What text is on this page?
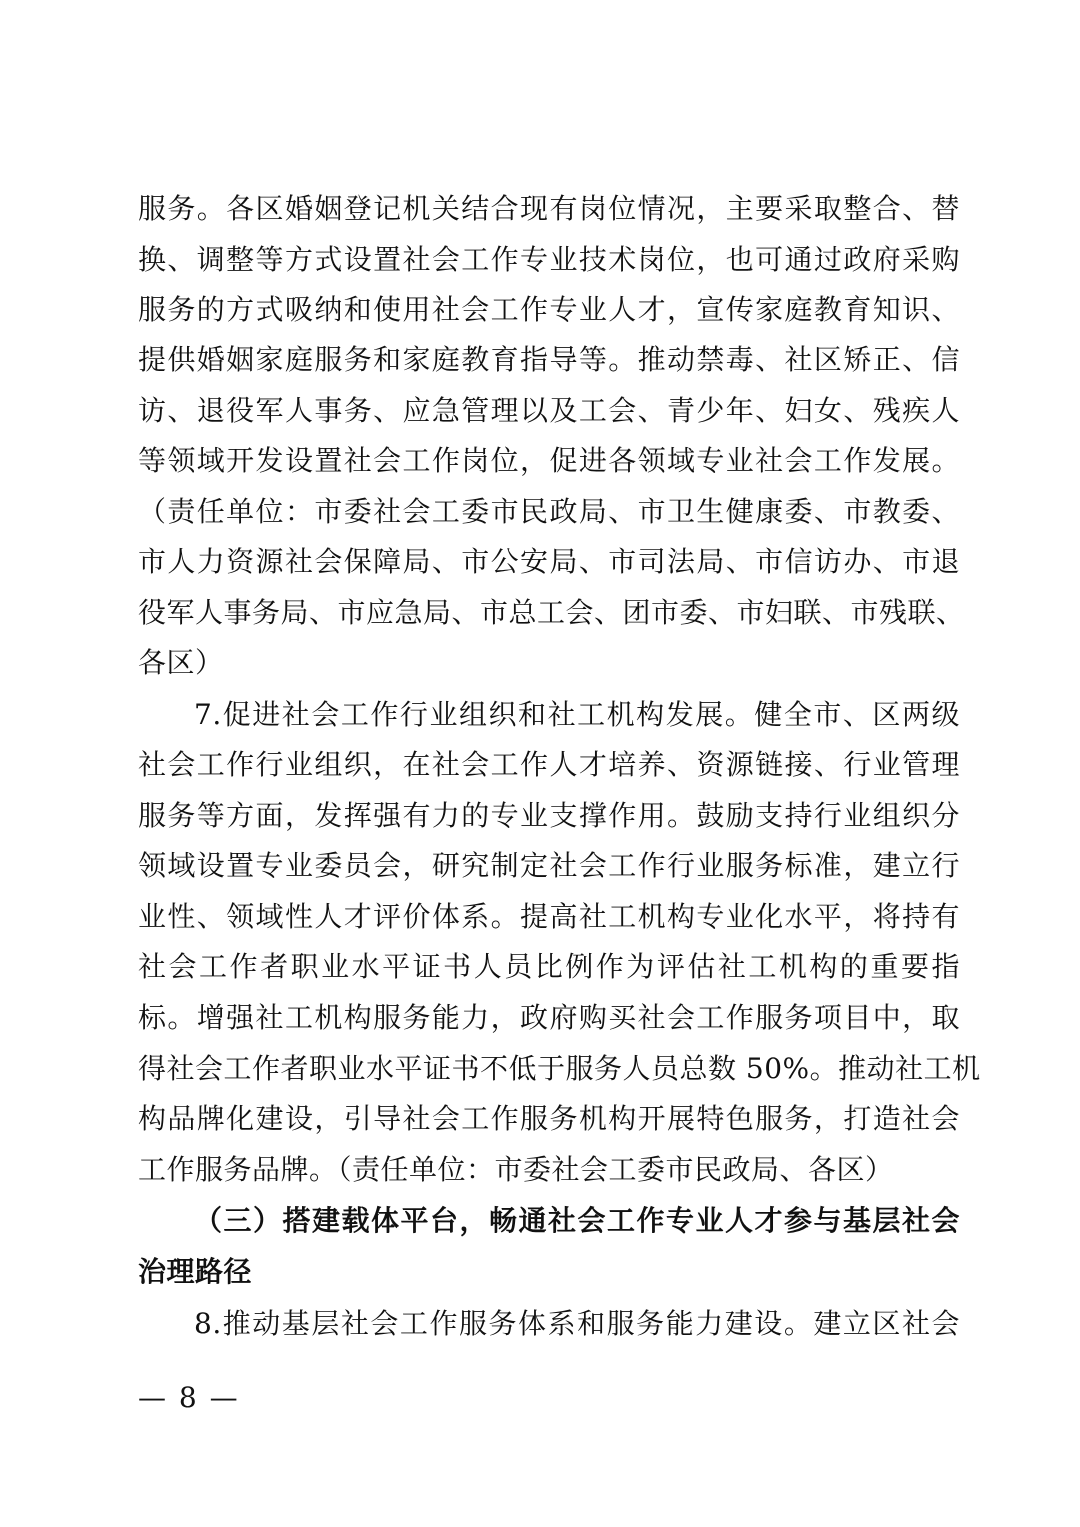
服务。各区婚姻登记机关结合现有岗位情况，主要采取整合、替
换、调整等方式设置社会工作专业技术岗位，也可通过政府采购
服务的方式吸纳和使用社会工作专业人才，宣传家庭教育知识、
提供婚姻家庭服务和家庭教育指导等。推动禁毒、社区矫正、信
访、退役军人事务、应急管理以及工会、青少年、妇女、残疾人
等领域开发设置社会工作岗位，促进各领域专业社会工作发展。
（责任单位：市委社会工委市民政局、市卫生健康委、市教委、
市人力资源社会保障局、市公安局、市司法局、市信访办、市退
役军人事务局、市应急局、市总工会、团市委、市妇联、市残联、
各区）
7.促进社会工作行业组织和社工机构发展。健全市、区两级
社会工作行业组织，在社会工作人才培养、资源链接、行业管理
服务等方面，发挥强有力的专业支撑作用。鼓励支持行业组织分
领域设置专业委员会，研究制定社会工作行业服务标准，建立行
业性、领域性人才评价体系。提高社工机构专业化水平，将持有
社会工作者职业水平证书人员比例作为评估社工机构的重要指
标。增强社工机构服务能力，政府购买社会工作服务项目中，取
得社会工作者职业水平证书不低于服务人员总数 50%。推动社工机
构品牌化建设，引导社会工作服务机构开展特色服务，打造社会
工作服务品牌。（责任单位：市委社会工委市民政局、各区）
（三）搭建载体平台，畅通社会工作专业人才参与基层社会
治理路径
8.推动基层社会工作服务体系和服务能力建设。建立区社会
— 8 —
